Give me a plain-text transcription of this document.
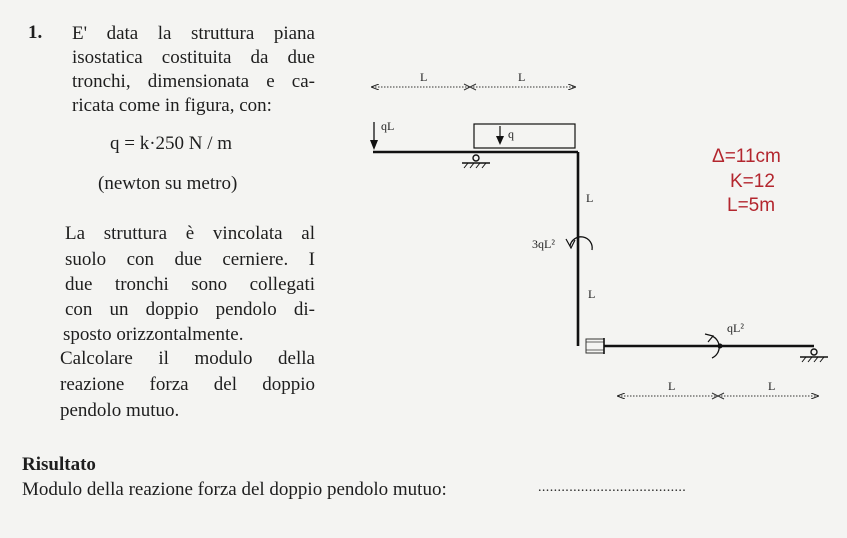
1. E' data la struttura piana
isostatica costituita da due
tronchi, dimensionata e ca-
ricata come in figura, con:
q = k·250 N / m
(newton su metro)
La struttura è vincolata al
suolo con due cerniere. I
due tronchi sono collegati
con un doppio pendolo di-
sposto orizzontalmente.
Calcolare il modulo della
reazione forza del doppio
pendolo mutuo.
L	L
qL
q
L
L
3qL²
qL²
L	L
Δ=11cm
K=12
L=5m
Risultato
Modulo della reazione forza del doppio pendolo mutuo:	......................................
